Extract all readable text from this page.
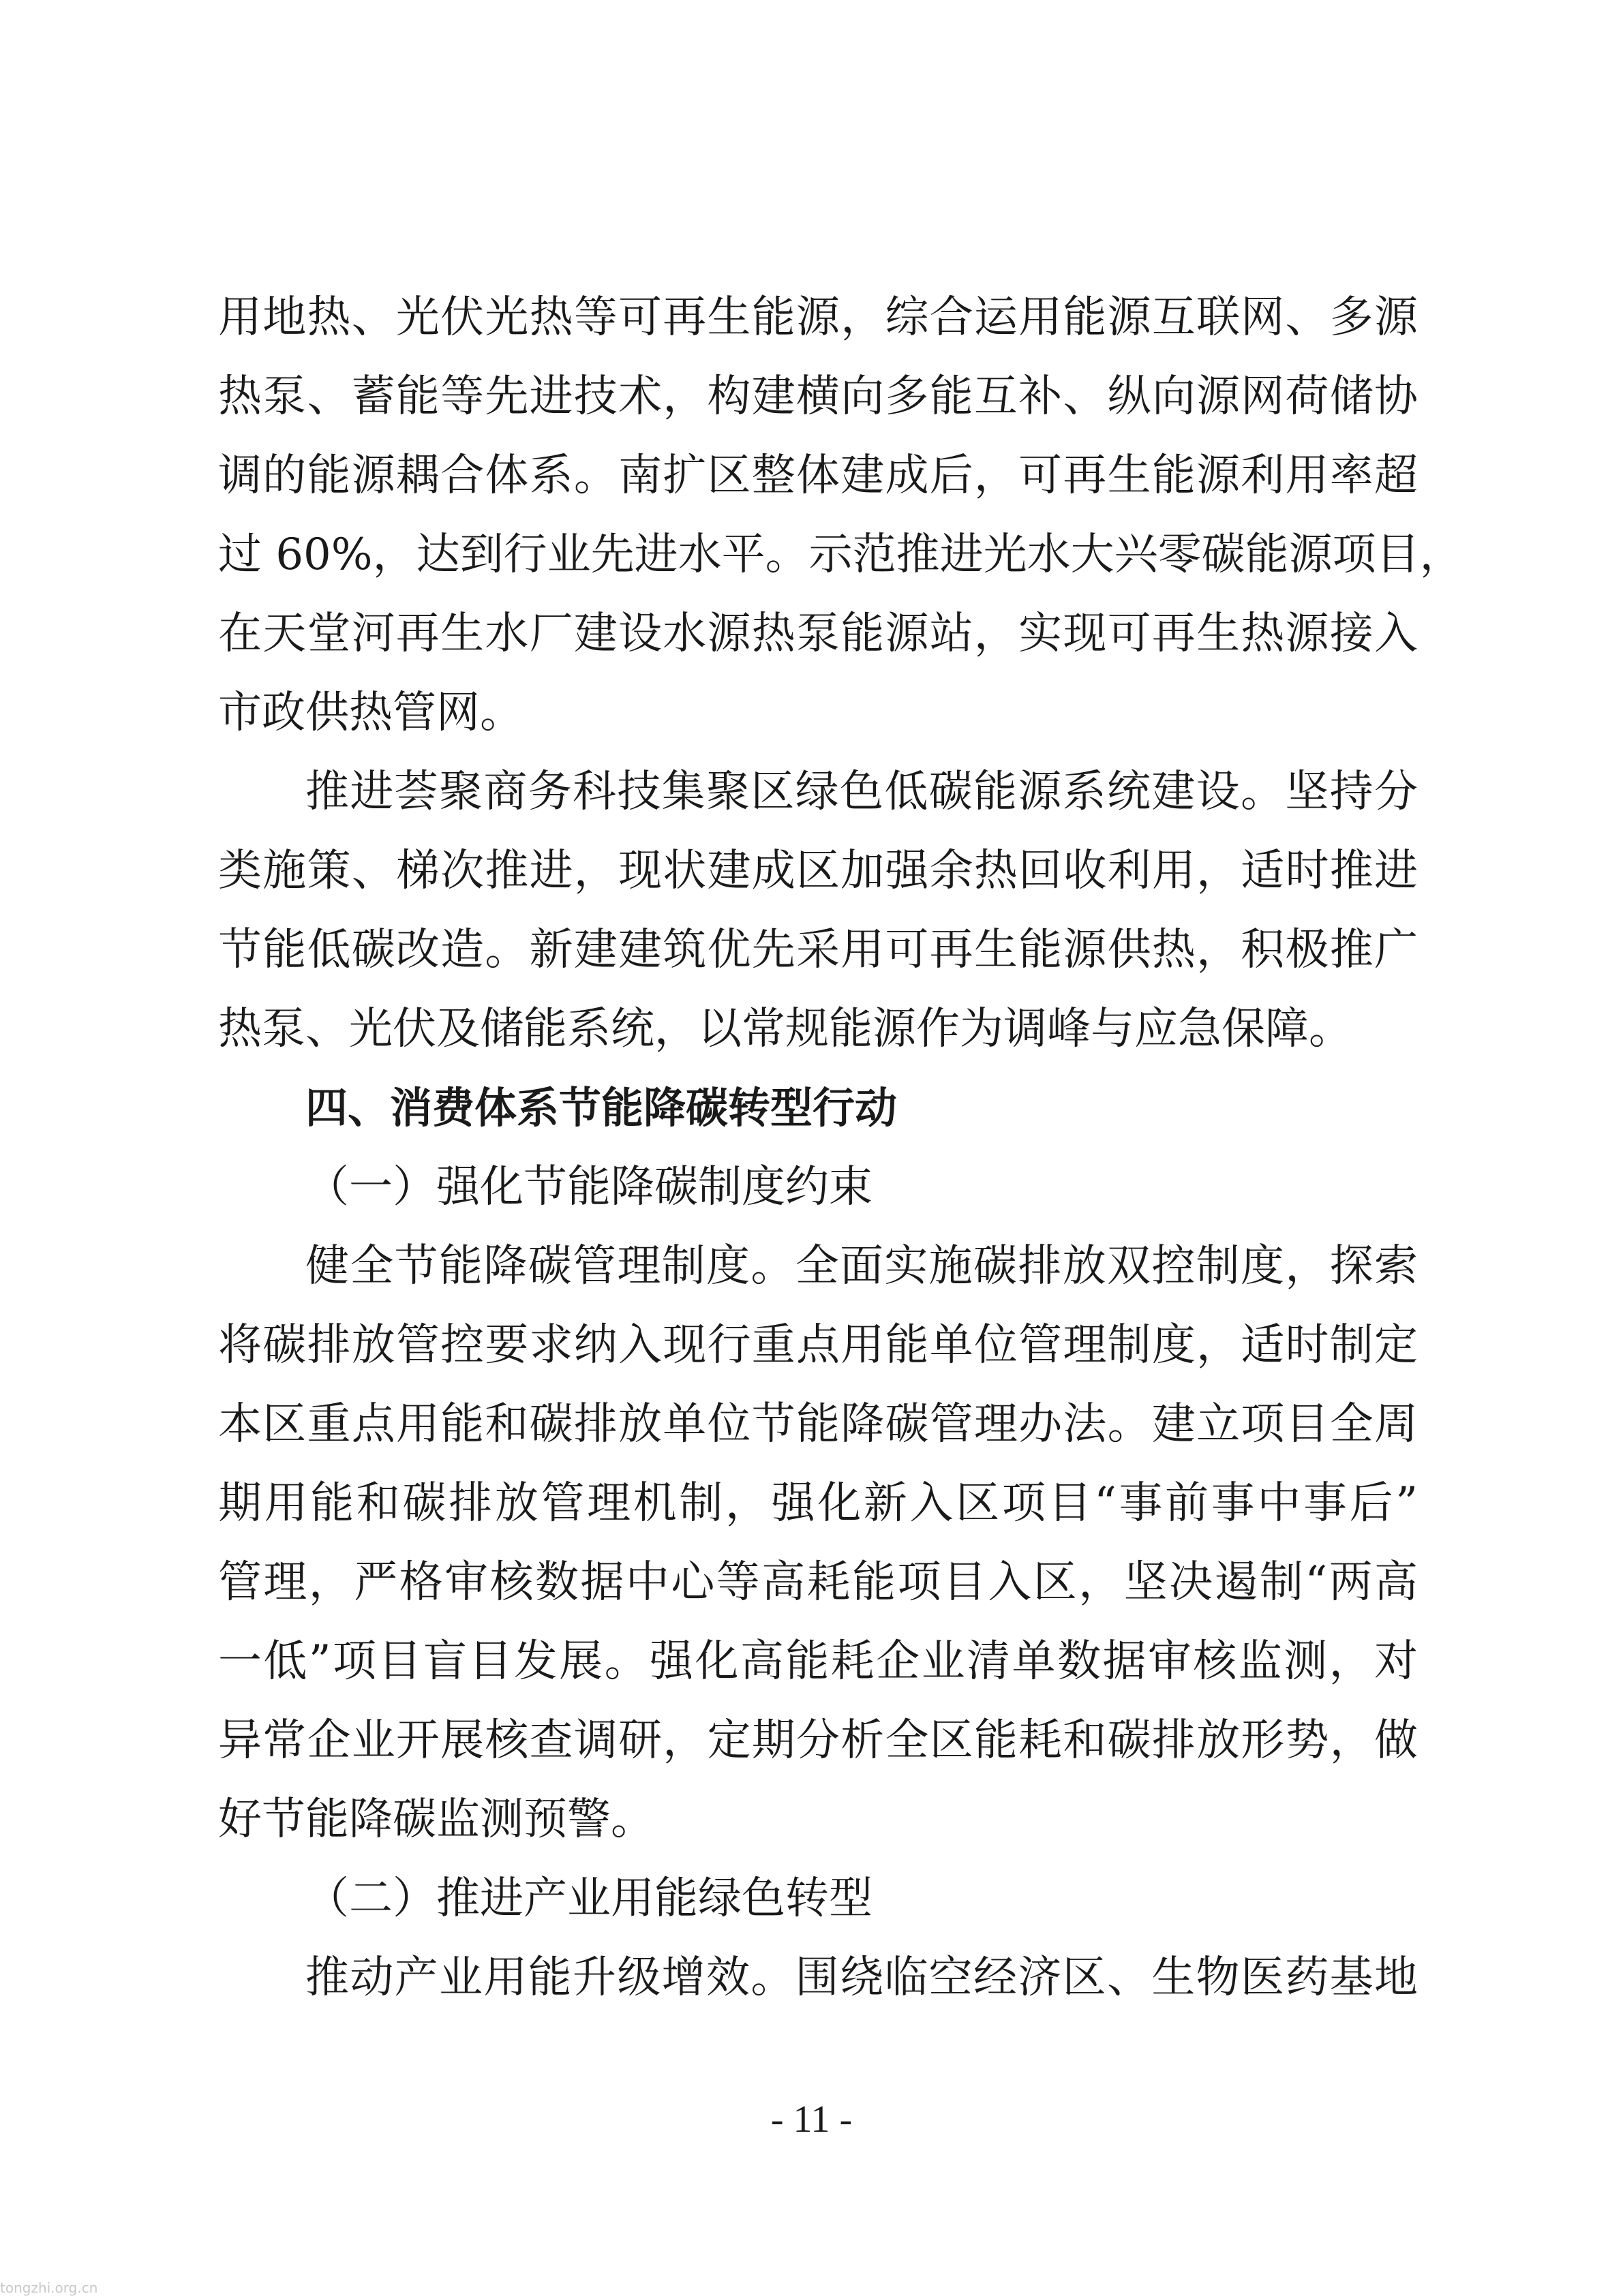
用地热、光伏光热等可再生能源，综合运用能源互联网、多源
热泵、蓄能等先进技术，构建横向多能互补、纵向源网荷储协
调的能源耦合体系。南扩区整体建成后，可再生能源利用率超
过 60%，达到行业先进水平。示范推进光水大兴零碳能源项目，
在天堂河再生水厂建设水源热泵能源站，实现可再生热源接入
市政供热管网。
推进荟聚商务科技集聚区绿色低碳能源系统建设。坚持分
类施策、梯次推进，现状建成区加强余热回收利用，适时推进
节能低碳改造。新建建筑优先采用可再生能源供热，积极推广
热泵、光伏及储能系统，以常规能源作为调峰与应急保障。
四、消费体系节能降碳转型行动
（一）强化节能降碳制度约束
健全节能降碳管理制度。全面实施碳排放双控制度，探索
将碳排放管控要求纳入现行重点用能单位管理制度，适时制定
本区重点用能和碳排放单位节能降碳管理办法。建立项目全周
期用能和碳排放管理机制，强化新入区项目“事前事中事后”
管理，严格审核数据中心等高耗能项目入区，坚决遏制“两高
一低”项目盲目发展。强化高能耗企业清单数据审核监测，对
异常企业开展核查调研，定期分析全区能耗和碳排放形势，做
好节能降碳监测预警。
（二）推进产业用能绿色转型
推动产业用能升级增效。围绕临空经济区、生物医药基地
- 11 -
tongzhi.org.cn
